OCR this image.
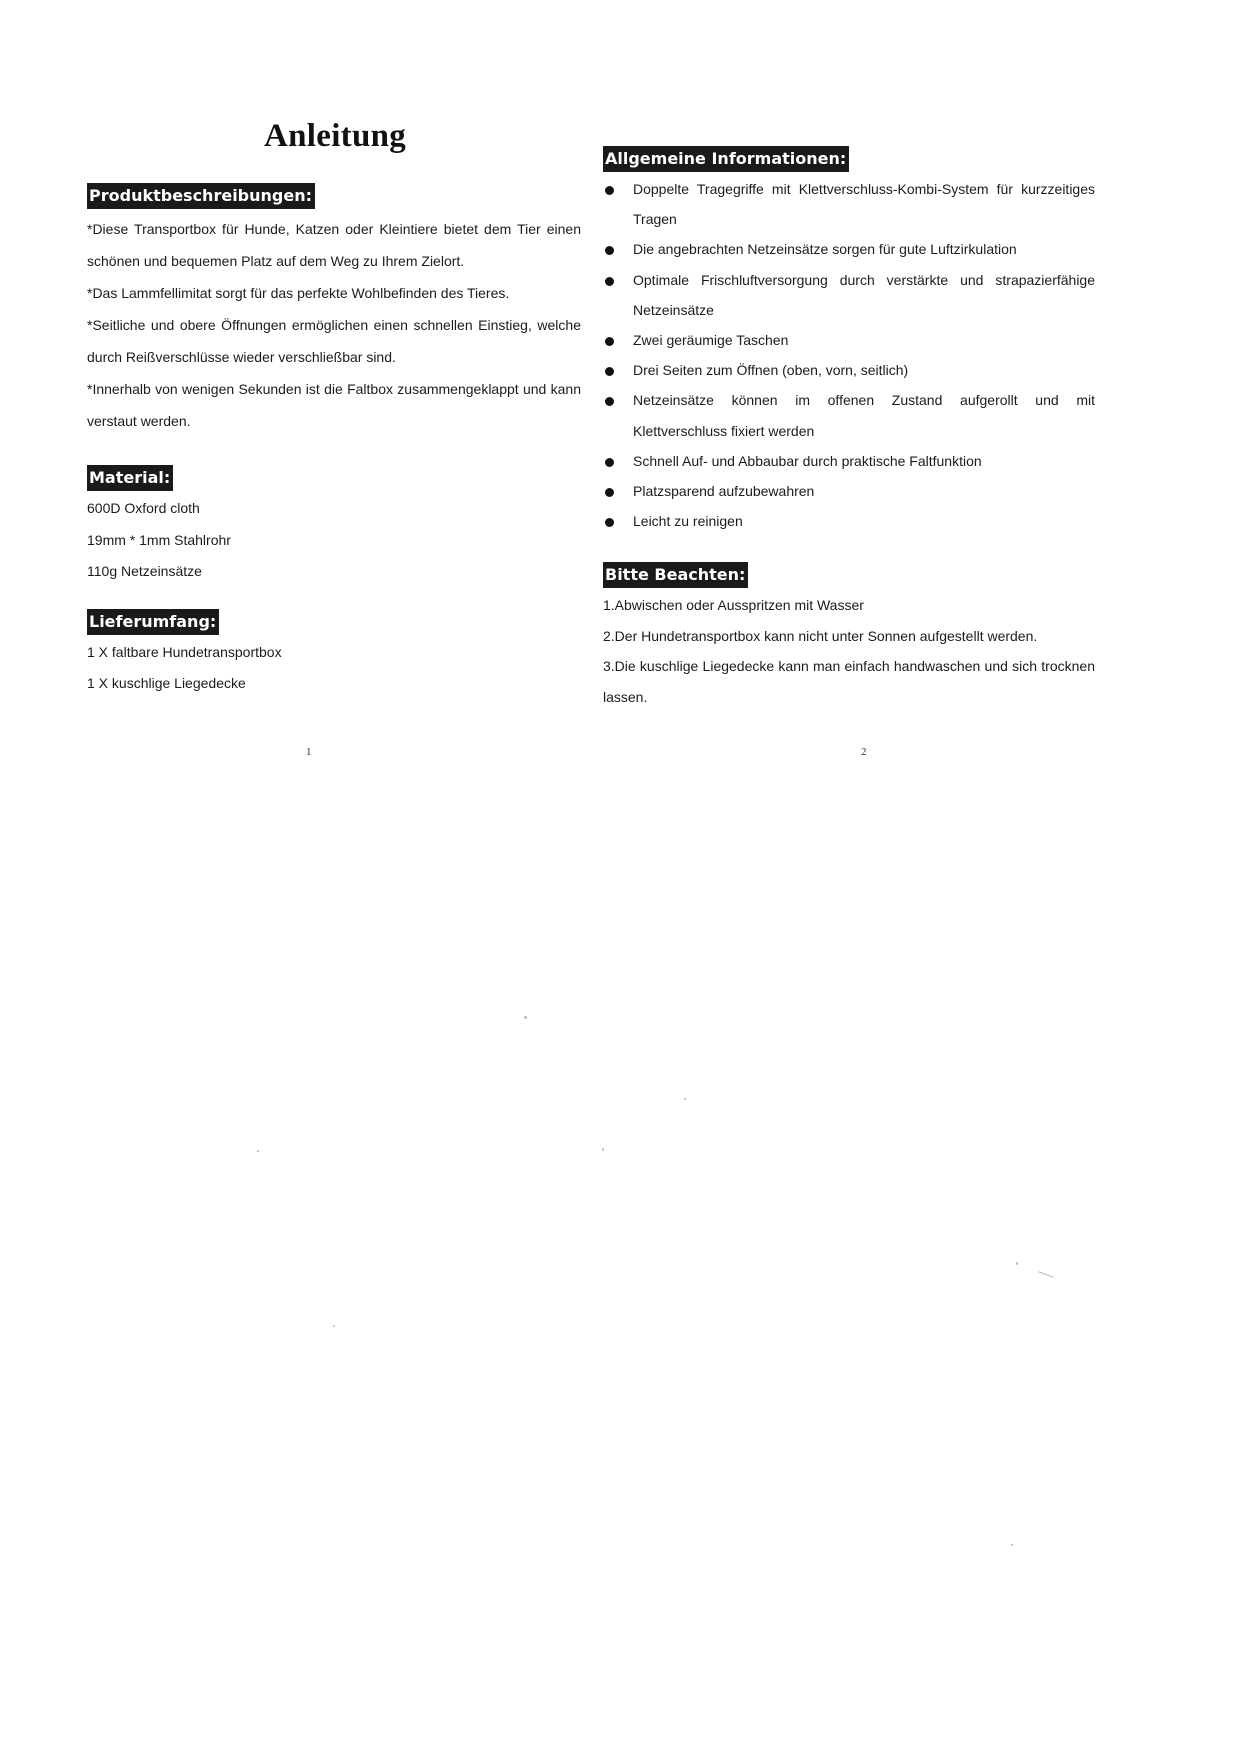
Anleitung
Produktbeschreibungen:

*Diese Transportbox für Hunde, Katzen oder Kleintiere bietet dem Tier einen schönen und bequemen Platz auf dem Weg zu Ihrem Zielort.

*Das Lammfellimitat sorgt für das perfekte Wohlbefinden des Tieres.

*Seitliche und obere Öffnungen ermöglichen einen schnellen Einstieg, welche durch Reißverschlüsse wieder verschließbar sind.

*Innerhalb von wenigen Sekunden ist die Faltbox zusammengeklappt und kann verstaut werden.

Material:

600D Oxford cloth

19mm * 1mm Stahlrohr

110g Netzeinsätze

Lieferumfang:

1 X faltbare Hundetransportbox

1 X kuschlige Liegedecke

1
Allgemeine Informationen:
Doppelte Tragegriffe mit Klettverschluss-Kombi-System für kurzzeitiges Tragen
Die angebrachten Netzeinsätze sorgen für gute Luftzirkulation
Optimale Frischluftversorgung durch verstärkte und strapazierfähige Netzeinsätze
Zwei geräumige Taschen
Drei Seiten zum Öffnen (oben, vorn, seitlich)
Netzeinsätze können im offenen Zustand aufgerollt und mit Klettverschluss fixiert werden
Schnell Auf- und Abbaubar durch praktische Faltfunktion
Platzsparend aufzubewahren
Leicht zu reinigen
Bitte Beachten:

1.Abwischen oder Ausspritzen mit Wasser

2.Der Hundetransportbox kann nicht unter Sonnen aufgestellt werden.

3.Die kuschlige Liegedecke kann man einfach handwaschen und sich trocknen lassen.

2
